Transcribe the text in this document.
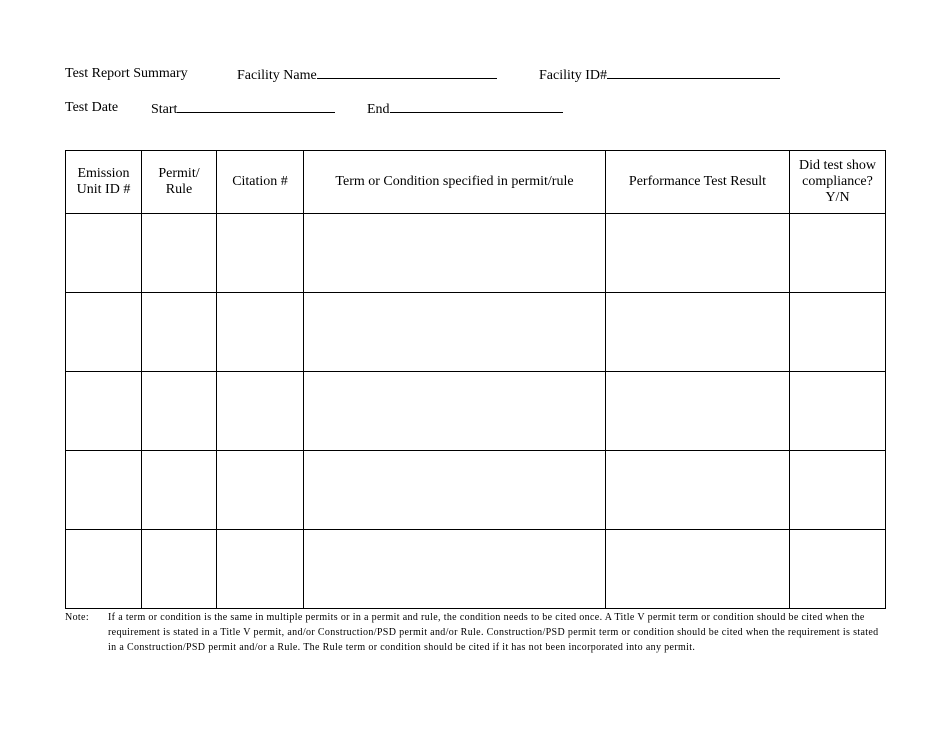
Test Report Summary	Facility Name	Facility ID#
Test Date Start	End
Emission Unit ID #	Permit/ Rule	Citation #	Term or Condition specified in permit/rule	Performance Test Result	Did test show compliance? Y/N

Note: If a term or condition is the same in multiple permits or in a permit and rule, the condition needs to be cited once. A Title V permit term or condition should be cited when the requirement is stated in a Title V permit, and/or Construction/PSD permit and/or Rule. Construction/PSD permit term or condition should be cited when the requirement is stated in a Construction/PSD permit and/or a Rule. The Rule term or condition should be cited if it has not been incorporated into any permit.
